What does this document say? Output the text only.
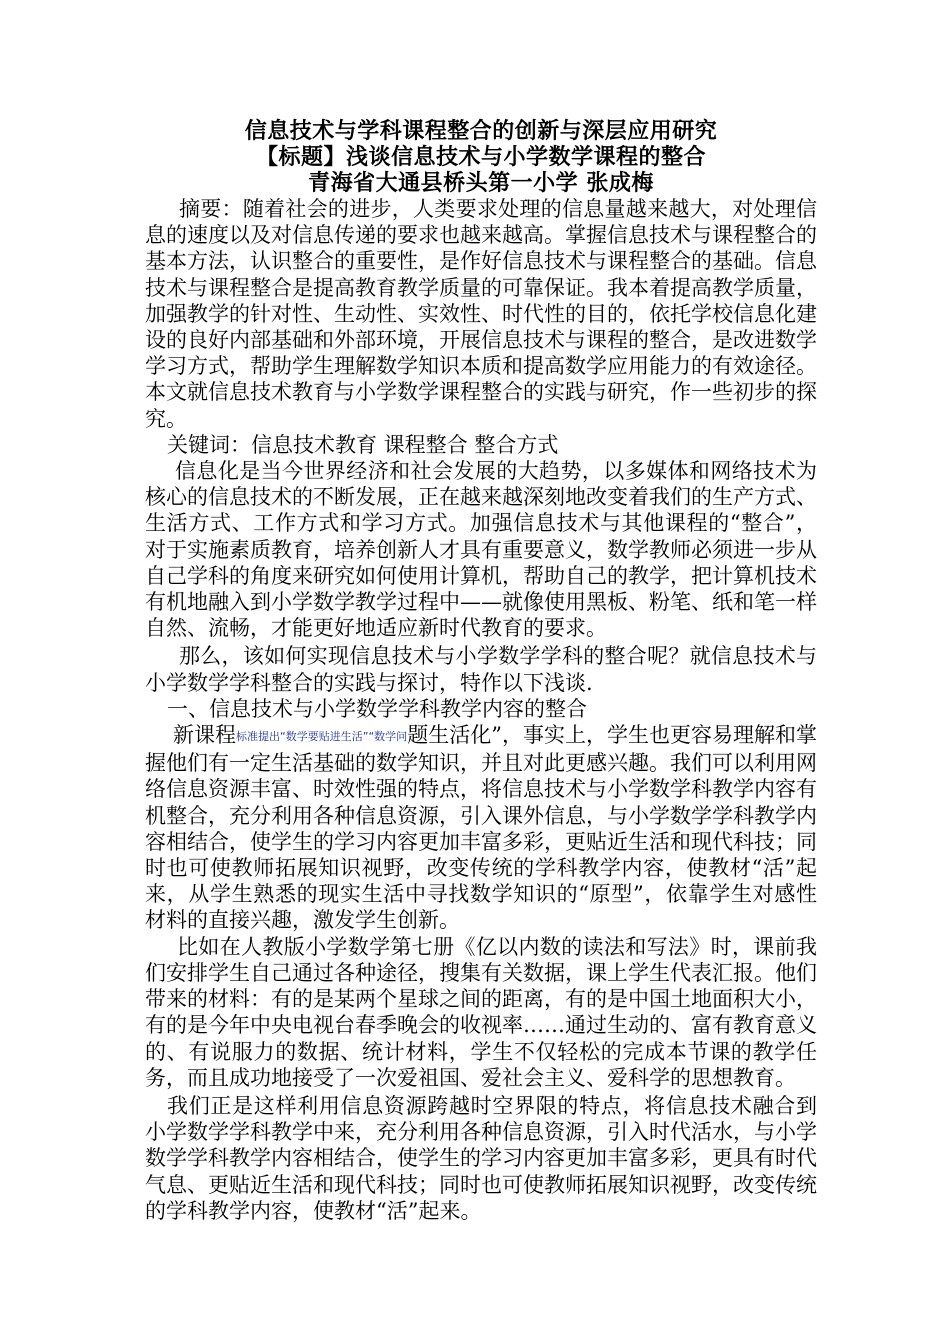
信息技术与学科课程整合的创新与深层应用研究
【标题】浅谈信息技术与小学数学课程的整合
青海省大通县桥头第一小学 张成梅

摘要：随着社会的进步，人类要求处理的信息量越来越大，对处理信息的速度以及对信息传递的要求也越来越高。掌握信息技术与课程整合的基本方法，认识整合的重要性，是作好信息技术与课程整合的基础。信息技术与课程整合是提高教育教学质量的可靠保证。我本着提高教学质量，加强教学的针对性、生动性、实效性、时代性的目的，依托学校信息化建设的良好内部基础和外部环境，开展信息技术与课程的整合，是改进数学学习方式，帮助学生理解数学知识本质和提高数学应用能力的有效途径。本文就信息技术教育与小学数学课程整合的实践与研究，作一些初步的探究。

关键词：信息技术教育 课程整合 整合方式

信息化是当今世界经济和社会发展的大趋势，以多媒体和网络技术为核心的信息技术的不断发展，正在越来越深刻地改变着我们的生产方式、生活方式、工作方式和学习方式。加强信息技术与其他课程的“整合”，对于实施素质教育，培养创新人才具有重要意义，数学教师必须进一步从自己学科的角度来研究如何使用计算机，帮助自己的教学，把计算机技术有机地融入到小学数学教学过程中——就像使用黑板、粉笔、纸和笔一样自然、流畅，才能更好地适应新时代教育的要求。

那么，该如何实现信息技术与小学数学学科的整合呢？就信息技术与小学数学学科整合的实践与探讨，特作以下浅谈.

一、信息技术与小学数学学科教学内容的整合

新课程标准提出“数学要贴进生活”“数学问题生活化”，事实上，学生也更容易理解和掌握他们有一定生活基础的数学知识，并且对此更感兴趣。我们可以利用网络信息资源丰富、时效性强的特点，将信息技术与小学数学科教学内容有机整合，充分利用各种信息资源，引入课外信息，与小学数学学科教学内容相结合，使学生的学习内容更加丰富多彩，更贴近生活和现代科技；同时也可使教师拓展知识视野，改变传统的学科教学内容，使教材“活”起来，从学生熟悉的现实生活中寻找数学知识的“原型”，依靠学生对感性材料的直接兴趣，激发学生创新。

比如在人教版小学数学第七册《亿以内数的读法和写法》时，课前我们安排学生自己通过各种途径，搜集有关数据，课上学生代表汇报。他们带来的材料：有的是某两个星球之间的距离，有的是中国土地面积大小，有的是今年中央电视台春季晚会的收视率……通过生动的、富有教育意义的、有说服力的数据、统计材料，学生不仅轻松的完成本节课的教学任务，而且成功地接受了一次爱祖国、爱社会主义、爱科学的思想教育。

我们正是这样利用信息资源跨越时空界限的特点，将信息技术融合到小学数学学科教学中来，充分利用各种信息资源，引入时代活水，与小学数学学科教学内容相结合，使学生的学习内容更加丰富多彩，更具有时代气息、更贴近生活和现代科技；同时也可使教师拓展知识视野，改变传统的学科教学内容，使教材“活”起来。
